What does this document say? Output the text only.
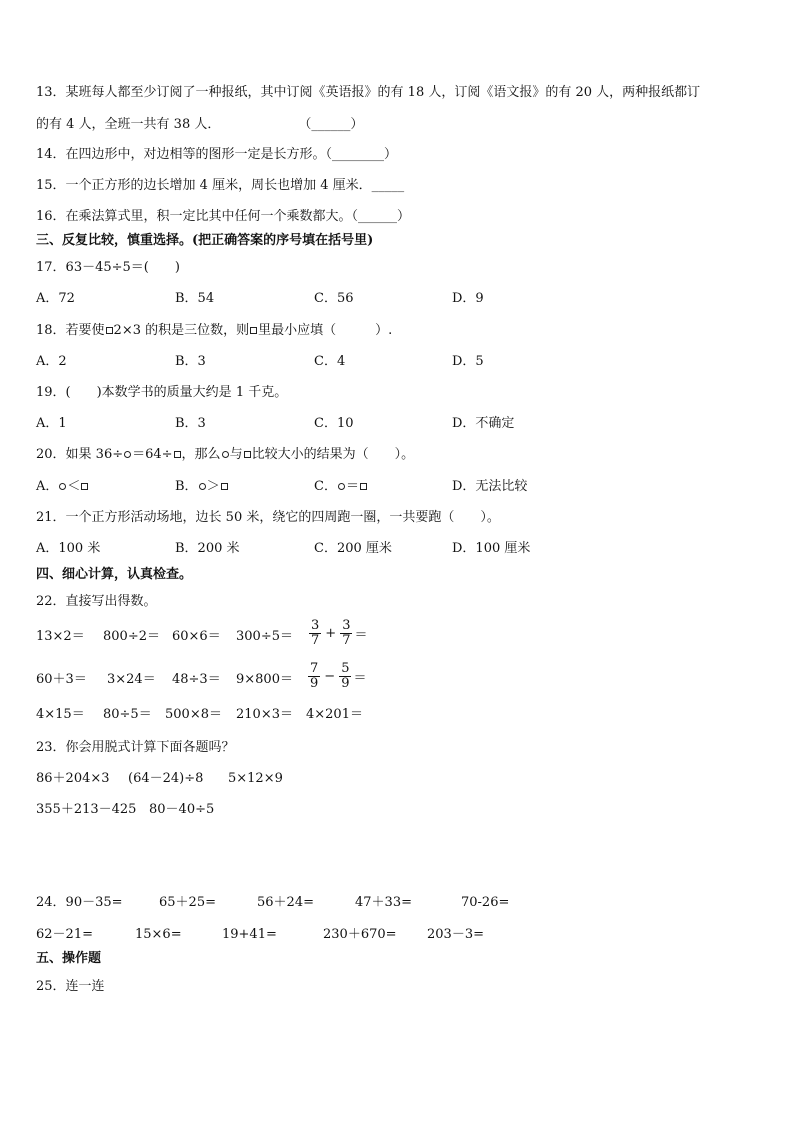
13．某班每人都至少订阅了一种报纸，其中订阅《英语报》的有 18 人，订阅《语文报》的有 20 人，两种报纸都订
的有 4 人，全班一共有 38 人．　　　　　　　（______）
14．在四边形中，对边相等的图形一定是长方形。（________）
15．一个正方形的边长增加 4 厘米，周长也增加 4 厘米．_____
16．在乘法算式里，积一定比其中任何一个乘数都大。（______）
三、反复比较，慎重选择。(把正确答案的序号填在括号里)
17．63－45÷5＝(　　)
A．72	B．54	C．56	D．9
18．若要使 2×3 的积是三位数，则 里最小应填（　　　）.
A．2	B．3	C．4	D．5
19．(　　)本数学书的质量大约是 1 千克。
A．1	B．3	C．10	D．不确定
20．如果 36÷ ＝64÷ ，那么 与 比较大小的结果为（　　）。
A． ＜	B． ＞	C． ＝	D．无法比较
21．一个正方形活动场地，边长 50 米，绕它的四周跑一圈，一共要跑（　　）。
A．100 米	B．200 米	C．200 厘米	D．100 厘米
四、细心计算，认真检查。
22．直接写出得数。
$13\times 2= 800\div 2= 60\times 6= 300\div 5= \frac{3}{7} + \frac{3}{7}$ ＝
$60+3= 3\times 24= 48\div 3= 9\times 800= \frac{7}{9} - \frac{5}{9}$ ＝
4×15＝ 80÷5＝ 500×8＝ 210×3＝ 4×201＝
23．你会用脱式计算下面各题吗？
86＋204×3 (64－24)÷8 5×12×9
355＋213－425 80－40÷5
24．90－35=	65＋25=	56＋24=	47＋33=	70-26=
62－21=	15×6=	19+41=	230＋670= 203－3=
五、操作题
25．连一连
